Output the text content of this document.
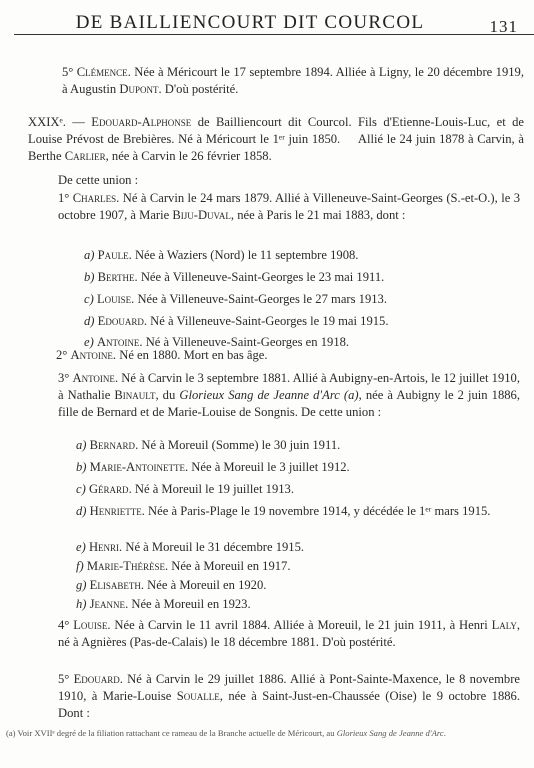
DE BAILLIENCOURT DIT COURCOL	131
5° Clémence. Née à Méricourt le 17 septembre 1894. Alliée à Ligny, le 20 décembre 1919, à Augustin Dupont. D'où postérité.
XXIXᵉ. — Edouard-Alphonse de Bailliencourt dit Courcol. Fils d'Etienne-Louis-Luc, et de Louise Prévost de Brebières. Né à Méricourt le 1ᵉʳ juin 1850. Allié le 24 juin 1878 à Carvin, à Berthe Carlier, née à Carvin le 26 février 1858.
De cette union :
1° Charles. Né à Carvin le 24 mars 1879. Allié à Villeneuve-Saint-Georges (S.-et-O.), le 3 octobre 1907, à Marie Biju-Duval, née à Paris le 21 mai 1883, dont :
a) Paule. Née à Waziers (Nord) le 11 septembre 1908.
b) Berthe. Née à Villeneuve-Saint-Georges le 23 mai 1911.
c) Louise. Née à Villeneuve-Saint-Georges le 27 mars 1913.
d) Edouard. Né à Villeneuve-Saint-Georges le 19 mai 1915.
e) Antoine. Né à Villeneuve-Saint-Georges en 1918.
2° Antoine. Né en 1880. Mort en bas âge.
3° Antoine. Né à Carvin le 3 septembre 1881. Allié à Aubigny-en-Artois, le 12 juillet 1910, à Nathalie Binault, du Glorieux Sang de Jeanne d'Arc (a), née à Aubigny le 2 juin 1886, fille de Bernard et de Marie-Louise de Songnis. De cette union :
a) Bernard. Né à Moreuil (Somme) le 30 juin 1911.
b) Marie-Antoinette. Née à Moreuil le 3 juillet 1912.
c) Gérard. Né à Moreuil le 19 juillet 1913.
d) Henriette. Née à Paris-Plage le 19 novembre 1914, y décédée le 1ᵉʳ mars 1915.
e) Henri. Né à Moreuil le 31 décembre 1915.
f) Marie-Thérèse. Née à Moreuil en 1917.
g) Elisabeth. Née à Moreuil en 1920.
h) Jeanne. Née à Moreuil en 1923.
4° Louise. Née à Carvin le 11 avril 1884. Alliée à Moreuil, le 21 juin 1911, à Henri Laly, né à Agnières (Pas-de-Calais) le 18 décembre 1881. D'où postérité.
5° Edouard. Né à Carvin le 29 juillet 1886. Allié à Pont-Sainte-Maxence, le 8 novembre 1910, à Marie-Louise Soualle, née à Saint-Just-en-Chaussée (Oise) le 9 octobre 1886. Dont :
(a) Voir XVIIᵉ degré de la filiation rattachant ce rameau de la Branche actuelle de Méricourt, au Glorieux Sang de Jeanne d'Arc.
